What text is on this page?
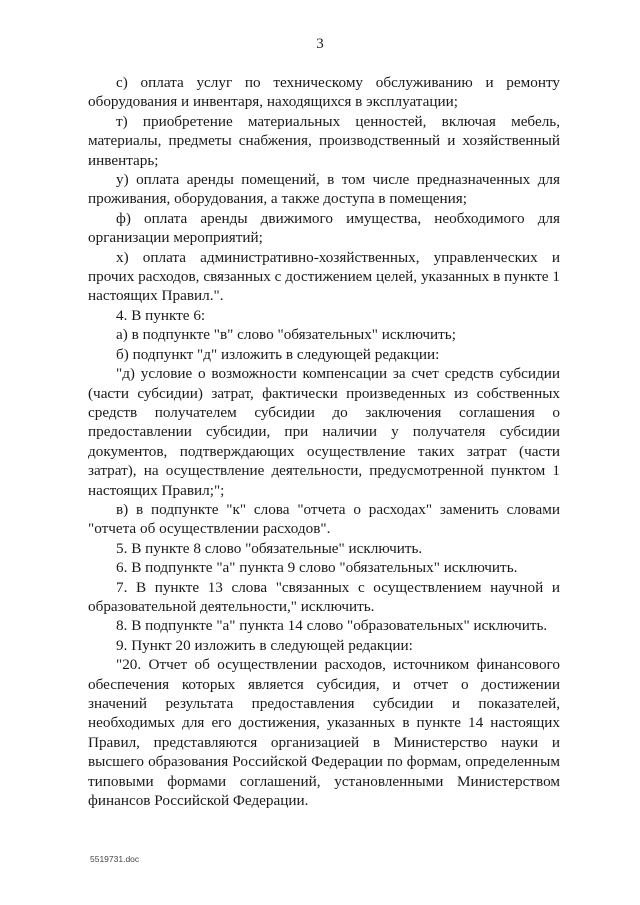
3

с) оплата услуг по техническому обслуживанию и ремонту оборудования и инвентаря, находящихся в эксплуатации;

т) приобретение материальных ценностей, включая мебель, материалы, предметы снабжения, производственный и хозяйственный инвентарь;

у) оплата аренды помещений, в том числе предназначенных для проживания, оборудования, а также доступа в помещения;

ф) оплата аренды движимого имущества, необходимого для организации мероприятий;

х) оплата административно-хозяйственных, управленческих и прочих расходов, связанных с достижением целей, указанных в пункте 1 настоящих Правил.".

4. В пункте 6:

а) в подпункте "в" слово "обязательных" исключить;

б) подпункт "д" изложить в следующей редакции:

"д) условие о возможности компенсации за счет средств субсидии (части субсидии) затрат, фактически произведенных из собственных средств получателем субсидии до заключения соглашения о предоставлении субсидии, при наличии у получателя субсидии документов, подтверждающих осуществление таких затрат (части затрат), на осуществление деятельности, предусмотренной пунктом 1 настоящих Правил;";

в) в подпункте "к" слова "отчета о расходах" заменить словами "отчета об осуществлении расходов".

5. В пункте 8 слово "обязательные" исключить.

6. В подпункте "а" пункта 9 слово "обязательных" исключить.

7. В пункте 13 слова "связанных с осуществлением научной и образовательной деятельности," исключить.

8. В подпункте "а" пункта 14 слово "образовательных" исключить.

9. Пункт 20 изложить в следующей редакции:

"20. Отчет об осуществлении расходов, источником финансового обеспечения которых является субсидия, и отчет о достижении значений результата предоставления субсидии и показателей, необходимых для его достижения, указанных в пункте 14 настоящих Правил, представляются организацией в Министерство науки и высшего образования Российской Федерации по формам, определенным типовыми формами соглашений, установленными Министерством финансов Российской Федерации.

5519731.doc
